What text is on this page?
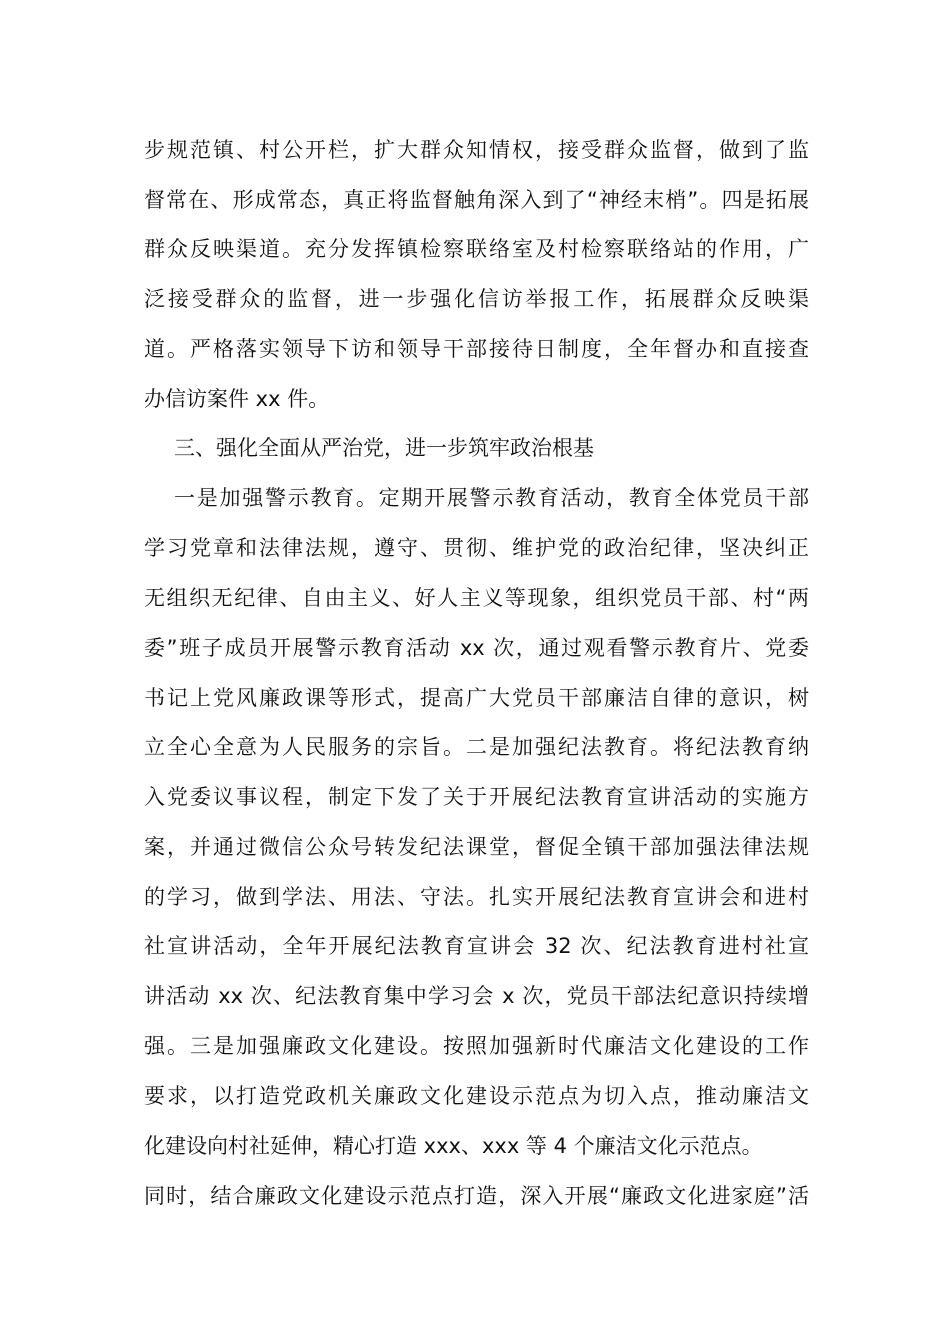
步规范镇、村公开栏，扩大群众知情权，接受群众监督，做到了监

督常在、形成常态，真正将监督触角深入到了“神经末梢”。四是拓展

群众反映渠道。充分发挥镇检察联络室及村检察联络站的作用，广

泛接受群众的监督，进一步强化信访举报工作，拓展群众反映渠

道。严格落实领导下访和领导干部接待日制度，全年督办和直接查

办信访案件 xx 件。

三、强化全面从严治党，进一步筑牢政治根基

一是加强警示教育。定期开展警示教育活动，教育全体党员干部

学习党章和法律法规，遵守、贯彻、维护党的政治纪律，坚决纠正

无组织无纪律、自由主义、好人主义等现象，组织党员干部、村“两

委”班子成员开展警示教育活动 xx 次，通过观看警示教育片、党委

书记上党风廉政课等形式，提高广大党员干部廉洁自律的意识，树

立全心全意为人民服务的宗旨。二是加强纪法教育。将纪法教育纳

入党委议事议程，制定下发了关于开展纪法教育宣讲活动的实施方

案，并通过微信公众号转发纪法课堂，督促全镇干部加强法律法规

的学习，做到学法、用法、守法。扎实开展纪法教育宣讲会和进村

社宣讲活动，全年开展纪法教育宣讲会 32 次、纪法教育进村社宣

讲活动 xx 次、纪法教育集中学习会 x 次，党员干部法纪意识持续增

强。三是加强廉政文化建设。按照加强新时代廉洁文化建设的工作

要求，以打造党政机关廉政文化建设示范点为切入点，推动廉洁文

化建设向村社延伸，精心打造 xxx、xxx 等 4 个廉洁文化示范点。

同时，结合廉政文化建设示范点打造，深入开展“廉政文化进家庭”活
